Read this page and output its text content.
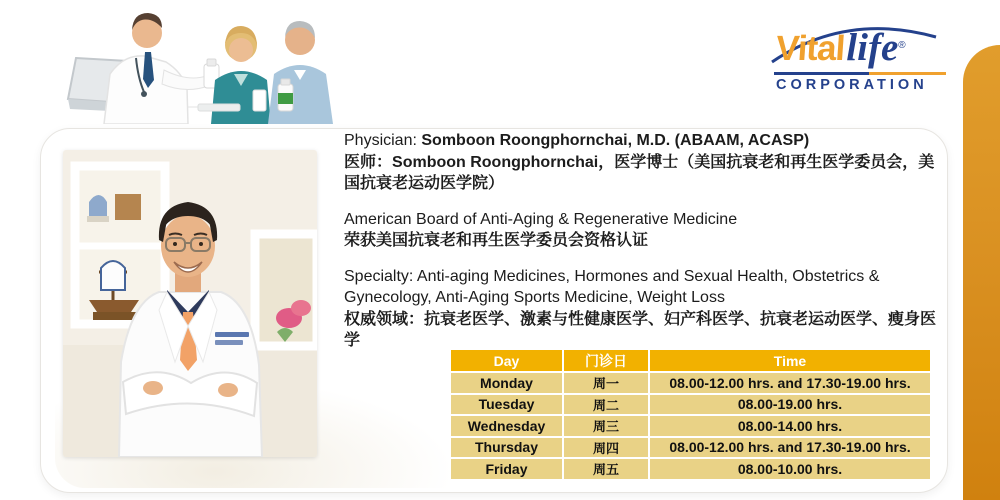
Vitallife®
CORPORATION

Physician: Somboon Roongphornchai, M.D. (ABAAM, ACASP)

医师：Somboon Roongphornchai，医学博士（美国抗衰老和再生医学委员会，美国抗衰老运动医学院）

American Board of Anti-Aging & Regenerative Medicine

荣获美国抗衰老和再生医学委员会资格认证

Specialty: Anti-aging Medicines, Hormones and Sexual Health, Obstetrics & Gynecology, Anti-Aging Sports Medicine, Weight Loss

权威领域：抗衰老医学、激素与性健康医学、妇产科医学、抗衰老运动医学、瘦身医学

Day	门诊日	Time
Monday	周一	08.00-12.00 hrs. and 17.30-19.00 hrs.
Tuesday	周二	08.00-19.00 hrs.
Wednesday	周三	08.00-14.00 hrs.
Thursday	周四	08.00-12.00 hrs. and 17.30-19.00 hrs.
Friday	周五	08.00-10.00 hrs.
